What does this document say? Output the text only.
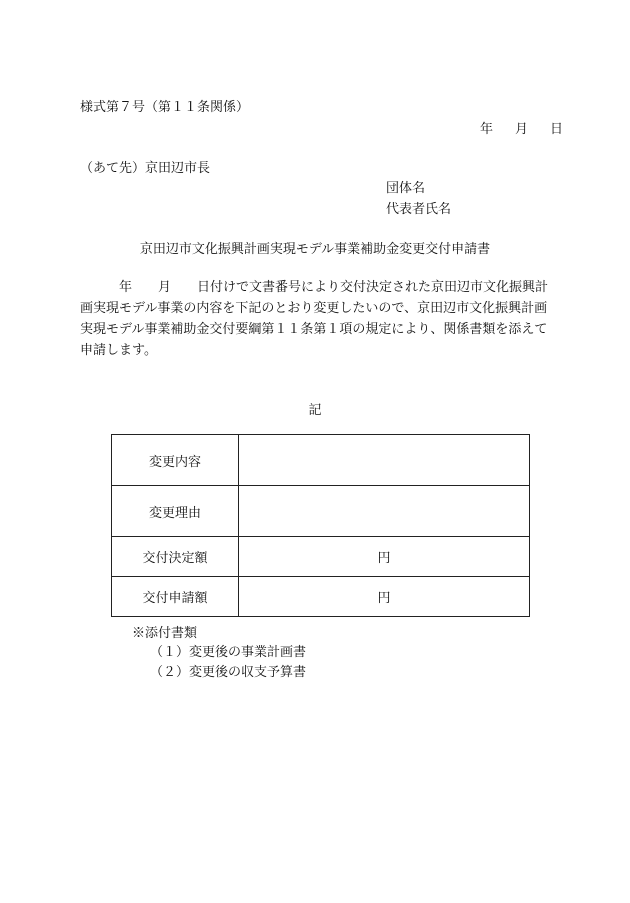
様式第７号（第１１条関係）
年 月 日
（あて先）京田辺市長
団体名
代表者氏名
京田辺市文化振興計画実現モデル事業補助金変更交付申請書

年　　月　　日付けで文書番号により交付決定された京田辺市文化振興計画実現モデル事業の内容を下記のとおり変更したいので、京田辺市文化振興計画実現モデル事業補助金交付要綱第１１条第１項の規定により、関係書類を添えて申請します。

記
変更内容	
変更理由	
交付決定額	円
交付申請額	円
※添付書類
（１）変更後の事業計画書
（２）変更後の収支予算書
